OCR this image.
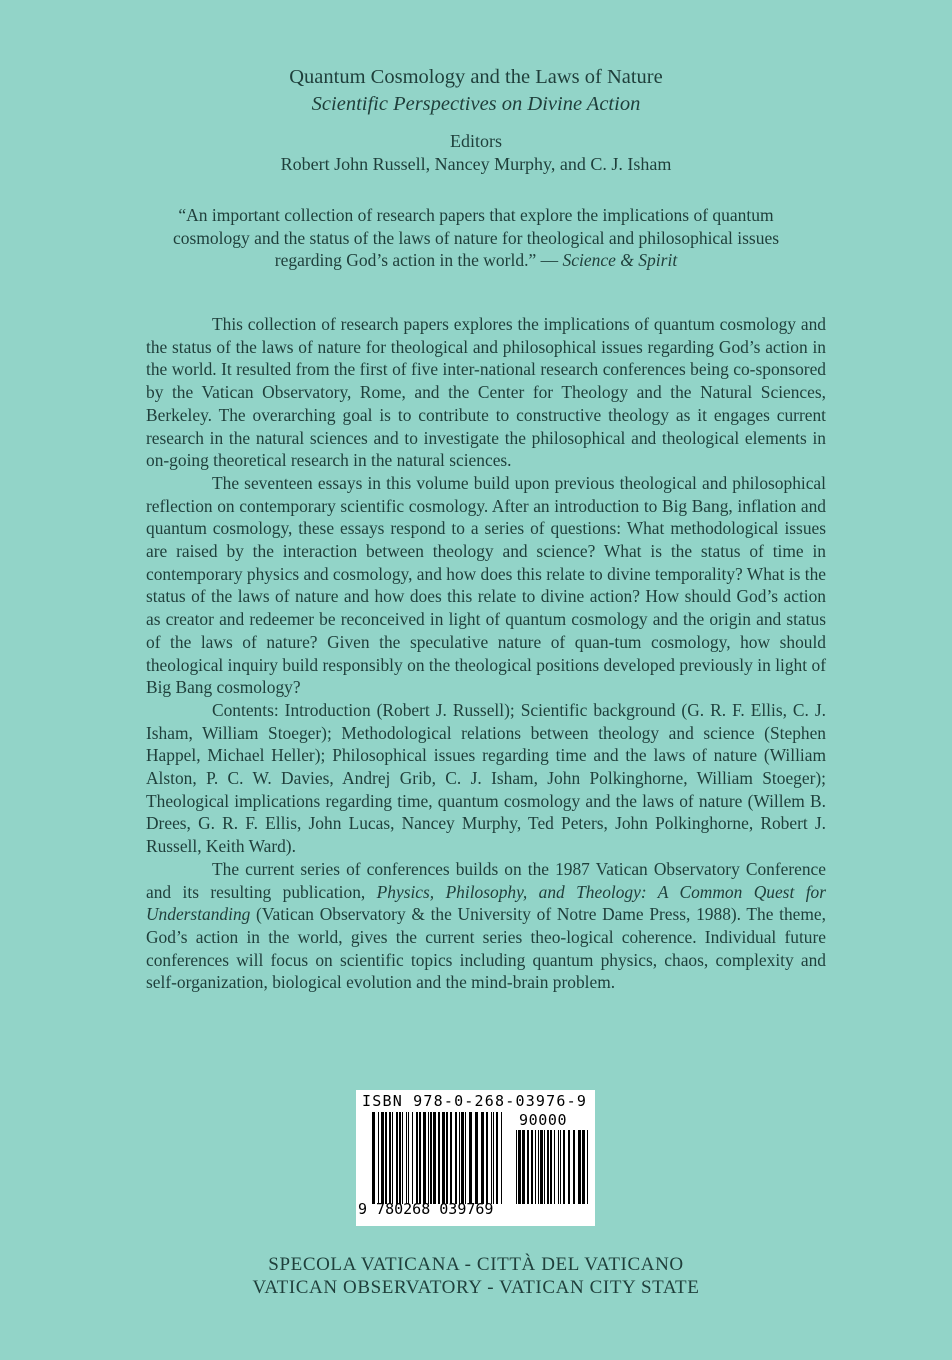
Quantum Cosmology and the Laws of Nature
Scientific Perspectives on Divine Action
Editors
Robert John Russell, Nancey Murphy, and C. J. Isham
“An important collection of research papers that explore the implications of quantum cosmology and the status of the laws of nature for theological and philosophical issues regarding God’s action in the world.” — Science & Spirit

This collection of research papers explores the implications of quantum cosmology and the status of the laws of nature for theological and philosophical issues regarding God’s action in the world. It resulted from the first of five inter-national research conferences being co-sponsored by the Vatican Observatory, Rome, and the Center for Theology and the Natural Sciences, Berkeley. The overarching goal is to contribute to constructive theology as it engages current research in the natural sciences and to investigate the philosophical and theological elements in on-going theoretical research in the natural sciences.

The seventeen essays in this volume build upon previous theological and philosophical reflection on contemporary scientific cosmology. After an introduction to Big Bang, inflation and quantum cosmology, these essays respond to a series of questions: What methodological issues are raised by the interaction between theology and science? What is the status of time in contemporary physics and cosmology, and how does this relate to divine temporality? What is the status of the laws of nature and how does this relate to divine action? How should God’s action as creator and redeemer be reconceived in light of quantum cosmology and the origin and status of the laws of nature? Given the speculative nature of quan-tum cosmology, how should theological inquiry build responsibly on the theological positions developed previously in light of Big Bang cosmology?

Contents: Introduction (Robert J. Russell); Scientific background (G. R. F. Ellis, C. J. Isham, William Stoeger); Methodological relations between theology and science (Stephen Happel, Michael Heller); Philosophical issues regarding time and the laws of nature (William Alston, P. C. W. Davies, Andrej Grib, C. J. Isham, John Polkinghorne, William Stoeger); Theological implications regarding time, quantum cosmology and the laws of nature (Willem B. Drees, G. R. F. Ellis, John Lucas, Nancey Murphy, Ted Peters, John Polkinghorne, Robert J. Russell, Keith Ward).

The current series of conferences builds on the 1987 Vatican Observatory Conference and its resulting publication, Physics, Philosophy, and Theology: A Common Quest for Understanding (Vatican Observatory & the University of Notre Dame Press, 1988). The theme, God’s action in the world, gives the current series theo-logical coherence. Individual future conferences will focus on scientific topics including quantum physics, chaos, complexity and self-organization, biological evolution and the mind-brain problem.

ISBN 978-0-268-03976-9
90000
9 780268 039769
SPECOLA VATICANA - CITTÀ DEL VATICANO
VATICAN OBSERVATORY - VATICAN CITY STATE
